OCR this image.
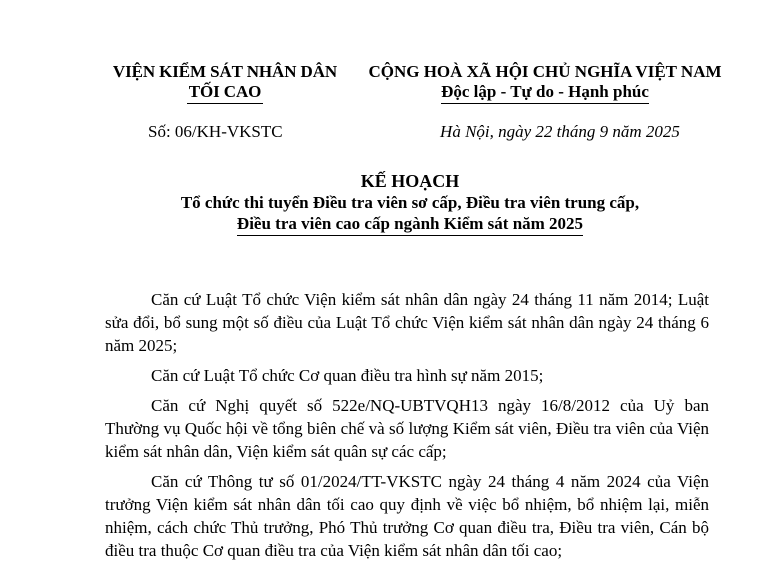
VIỆN KIỂM SÁT NHÂN DÂN
TỐI CAO
CỘNG HOÀ XÃ HỘI CHỦ NGHĨA VIỆT NAM
Độc lập - Tự do - Hạnh phúc
Số: 06/KH-VKSTC	Hà Nội, ngày 22 tháng 9 năm 2025
KẾ HOẠCH
Tổ chức thi tuyển Điều tra viên sơ cấp, Điều tra viên trung cấp,
Điều tra viên cao cấp ngành Kiểm sát năm 2025

Căn cứ Luật Tổ chức Viện kiểm sát nhân dân ngày 24 tháng 11 năm 2014; Luật sửa đổi, bổ sung một số điều của Luật Tổ chức Viện kiểm sát nhân dân ngày 24 tháng 6 năm 2025;

Căn cứ Luật Tổ chức Cơ quan điều tra hình sự năm 2015;

Căn cứ Nghị quyết số 522e/NQ-UBTVQH13 ngày 16/8/2012 của Uỷ ban Thường vụ Quốc hội về tổng biên chế và số lượng Kiểm sát viên, Điều tra viên của Viện kiểm sát nhân dân, Viện kiểm sát quân sự các cấp;

Căn cứ Thông tư số 01/2024/TT-VKSTC ngày 24 tháng 4 năm 2024 của Viện trưởng Viện kiểm sát nhân dân tối cao quy định về việc bổ nhiệm, bổ nhiệm lại, miễn nhiệm, cách chức Thủ trưởng, Phó Thủ trưởng Cơ quan điều tra, Điều tra viên, Cán bộ điều tra thuộc Cơ quan điều tra của Viện kiểm sát nhân dân tối cao;
